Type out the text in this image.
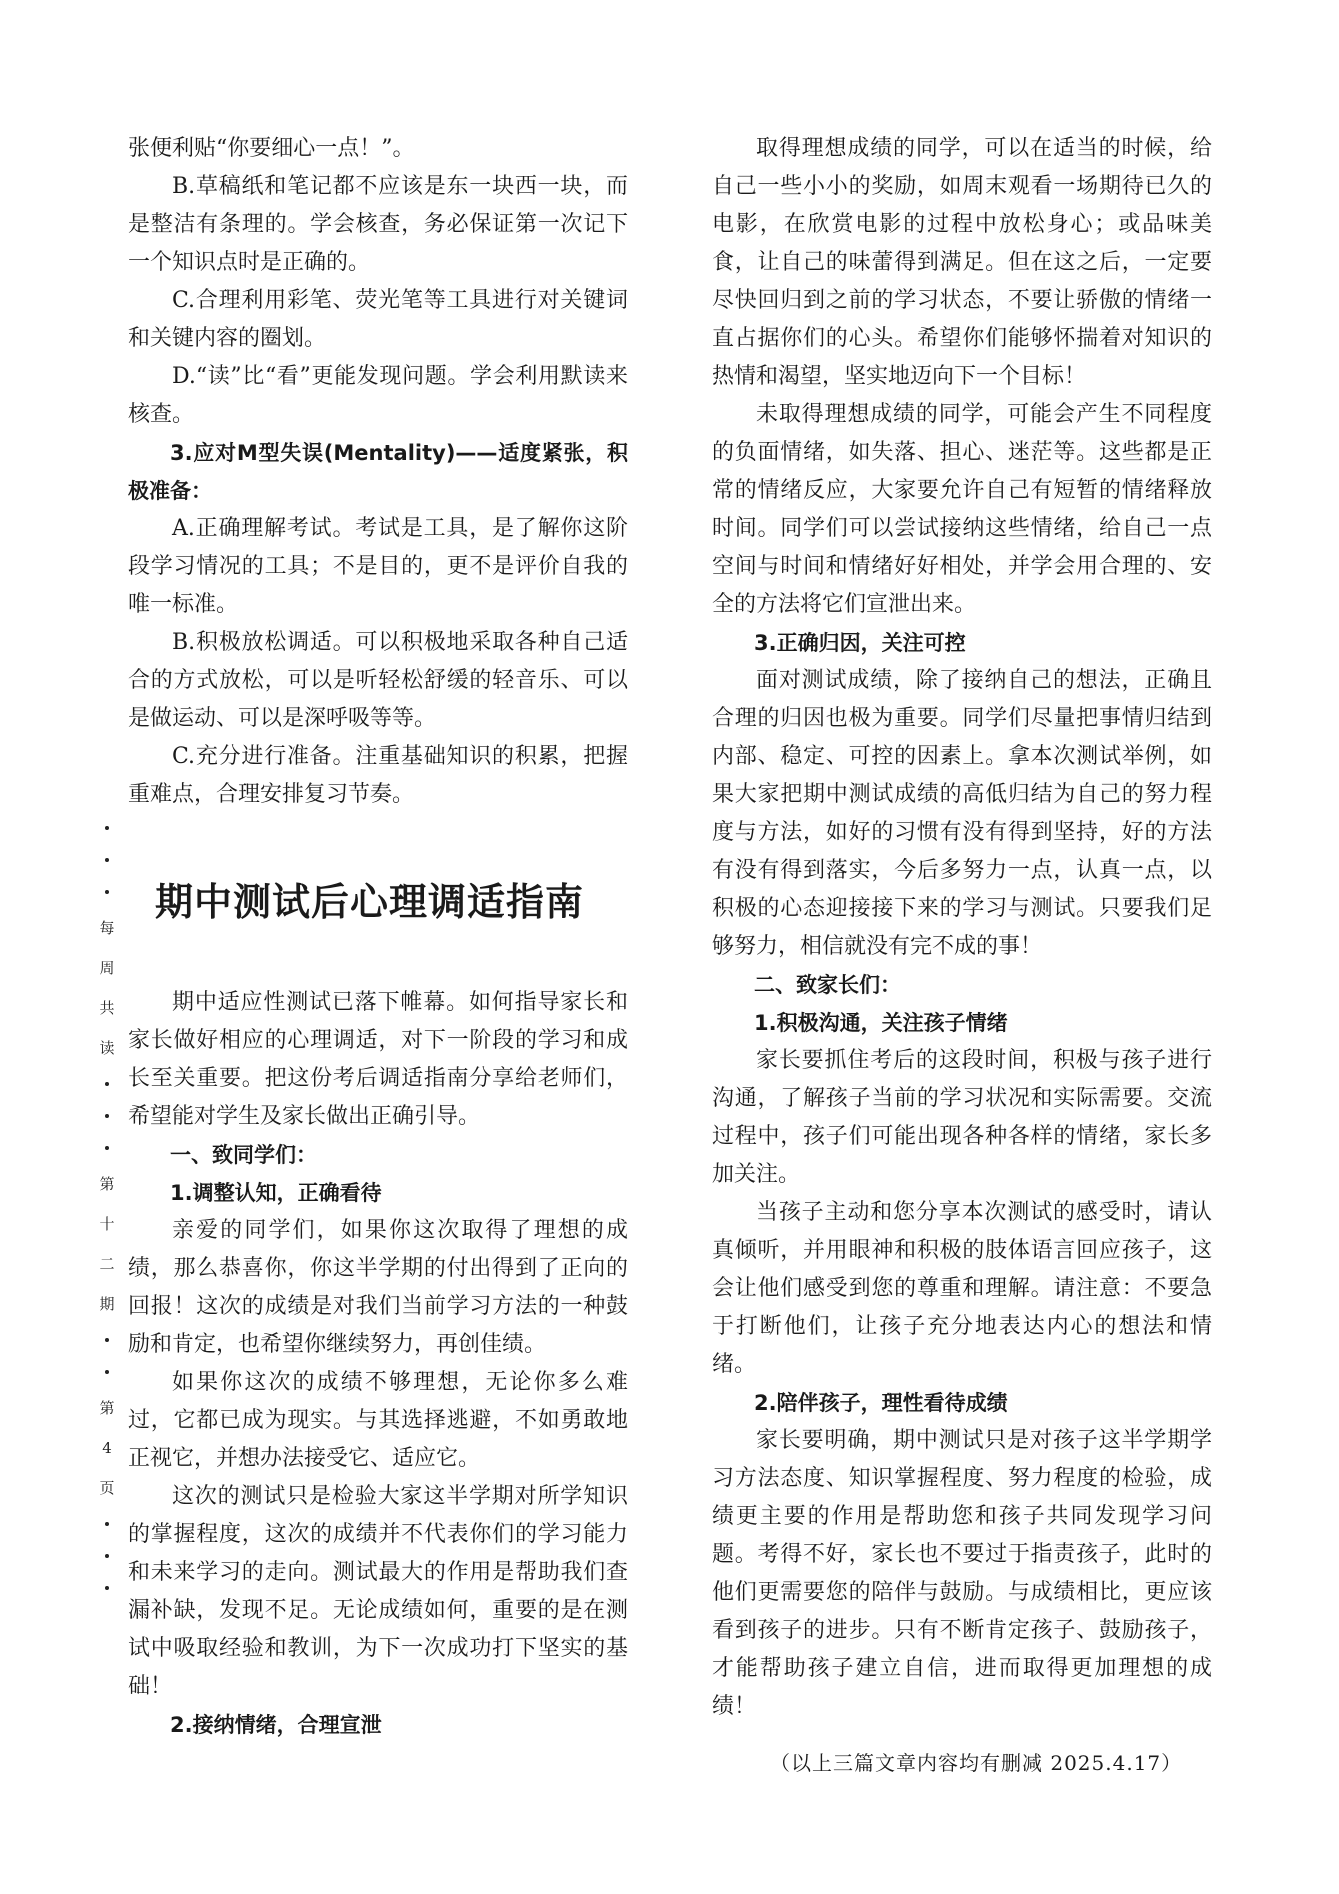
张便利贴“你要细心一点！”。

B.草稿纸和笔记都不应该是东一块西一块，而是整洁有条理的。学会核查，务必保证第一次记下一个知识点时是正确的。

C.合理利用彩笔、荧光笔等工具进行对关键词和关键内容的圈划。

D.“读”比“看”更能发现问题。学会利用默读来核查。

3.应对M型失误(Mentality)——适度紧张，积极准备：

A.正确理解考试。考试是工具，是了解你这阶段学习情况的工具；不是目的，更不是评价自我的唯一标准。

B.积极放松调适。可以积极地采取各种自己适合的方式放松，可以是听轻松舒缓的轻音乐、可以是做运动、可以是深呼吸等等。

C.充分进行准备。注重基础知识的积累，把握重难点，合理安排复习节奏。

期中测试后心理调适指南

期中适应性测试已落下帷幕。如何指导家长和家长做好相应的心理调适，对下一阶段的学习和成长至关重要。把这份考后调适指南分享给老师们，希望能对学生及家长做出正确引导。

一、致同学们：

1.调整认知，正确看待

亲爱的同学们，如果你这次取得了理想的成绩，那么恭喜你，你这半学期的付出得到了正向的回报！这次的成绩是对我们当前学习方法的一种鼓励和肯定，也希望你继续努力，再创佳绩。

如果你这次的成绩不够理想，无论你多么难过，它都已成为现实。与其选择逃避，不如勇敢地正视它，并想办法接受它、适应它。

这次的测试只是检验大家这半学期对所学知识的掌握程度，这次的成绩并不代表你们的学习能力和未来学习的走向。测试最大的作用是帮助我们查漏补缺，发现不足。无论成绩如何，重要的是在测试中吸取经验和教训，为下一次成功打下坚实的基础！

2.接纳情绪，合理宣泄

取得理想成绩的同学，可以在适当的时候，给自己一些小小的奖励，如周末观看一场期待已久的电影，在欣赏电影的过程中放松身心；或品味美食，让自己的味蕾得到满足。但在这之后，一定要尽快回归到之前的学习状态，不要让骄傲的情绪一直占据你们的心头。希望你们能够怀揣着对知识的热情和渴望，坚实地迈向下一个目标！

未取得理想成绩的同学，可能会产生不同程度的负面情绪，如失落、担心、迷茫等。这些都是正常的情绪反应，大家要允许自己有短暂的情绪释放时间。同学们可以尝试接纳这些情绪，给自己一点空间与时间和情绪好好相处，并学会用合理的、安全的方法将它们宣泄出来。

3.正确归因，关注可控

面对测试成绩，除了接纳自己的想法，正确且合理的归因也极为重要。同学们尽量把事情归结到内部、稳定、可控的因素上。拿本次测试举例，如果大家把期中测试成绩的高低归结为自己的努力程度与方法，如好的习惯有没有得到坚持，好的方法有没有得到落实，今后多努力一点，认真一点，以积极的心态迎接接下来的学习与测试。只要我们足够努力，相信就没有完不成的事！

二、致家长们：

1.积极沟通，关注孩子情绪

家长要抓住考后的这段时间，积极与孩子进行沟通，了解孩子当前的学习状况和实际需要。交流过程中，孩子们可能出现各种各样的情绪，家长多加关注。

当孩子主动和您分享本次测试的感受时，请认真倾听，并用眼神和积极的肢体语言回应孩子，这会让他们感受到您的尊重和理解。请注意：不要急于打断他们，让孩子充分地表达内心的想法和情绪。

2.陪伴孩子，理性看待成绩

家长要明确，期中测试只是对孩子这半学期学习方法态度、知识掌握程度、努力程度的检验，成绩更主要的作用是帮助您和孩子共同发现学习问题。考得不好，家长也不要过于指责孩子，此时的他们更需要您的陪伴与鼓励。与成绩相比，更应该看到孩子的进步。只有不断肯定孩子、鼓励孩子，才能帮助孩子建立自信，进而取得更加理想的成绩！

（以上三篇文章内容均有删减 2025.4.17）
每
周
共
读
第
十
二
期
第
4
页
